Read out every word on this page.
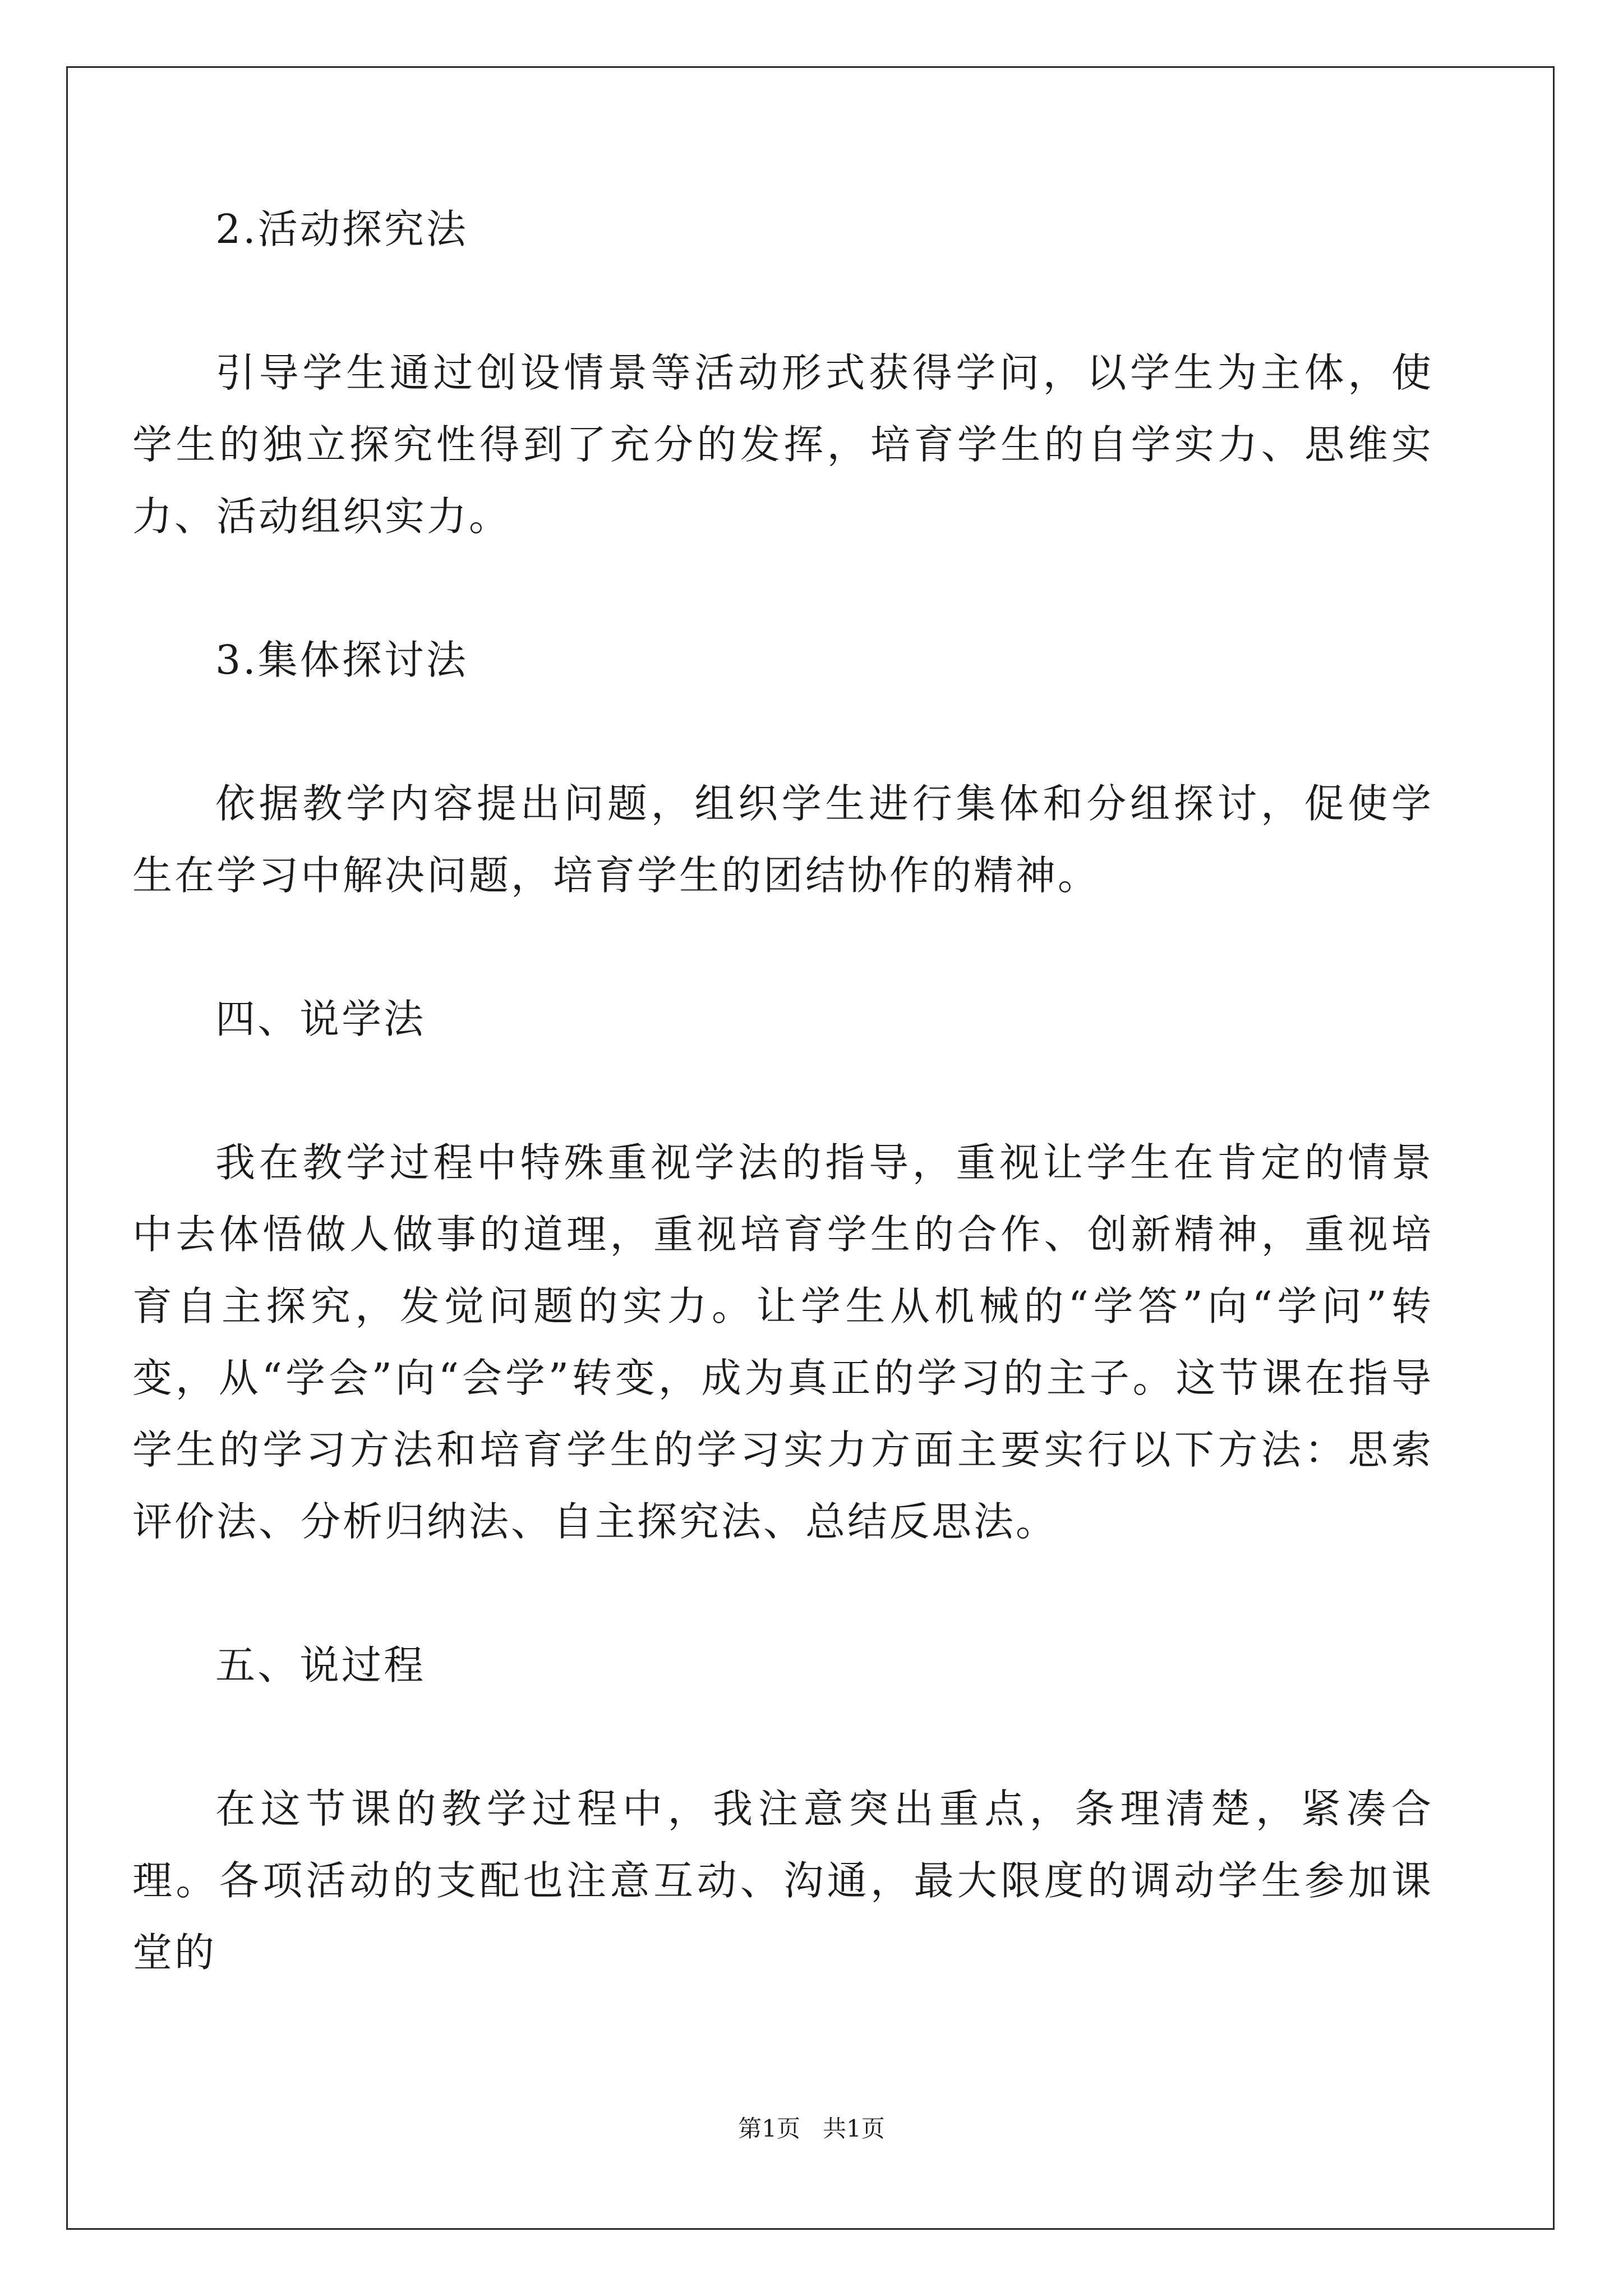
2.活动探究法

引导学生通过创设情景等活动形式获得学问，以学生为主体，使学生的独立探究性得到了充分的发挥，培育学生的自学实力、思维实力、活动组织实力。

3.集体探讨法

依据教学内容提出问题，组织学生进行集体和分组探讨，促使学生在学习中解决问题，培育学生的团结协作的精神。

四、说学法

我在教学过程中特殊重视学法的指导，重视让学生在肯定的情景中去体悟做人做事的道理，重视培育学生的合作、创新精神，重视培育自主探究，发觉问题的实力。让学生从机械的“学答”向“学问”转变，从“学会”向“会学”转变，成为真正的学习的主子。这节课在指导学生的学习方法和培育学生的学习实力方面主要实行以下方法：思索评价法、分析归纳法、自主探究法、总结反思法。

五、说过程

在这节课的教学过程中，我注意突出重点，条理清楚，紧凑合理。各项活动的支配也注意互动、沟通，最大限度的调动学生参加课堂的

第1页   共1页
